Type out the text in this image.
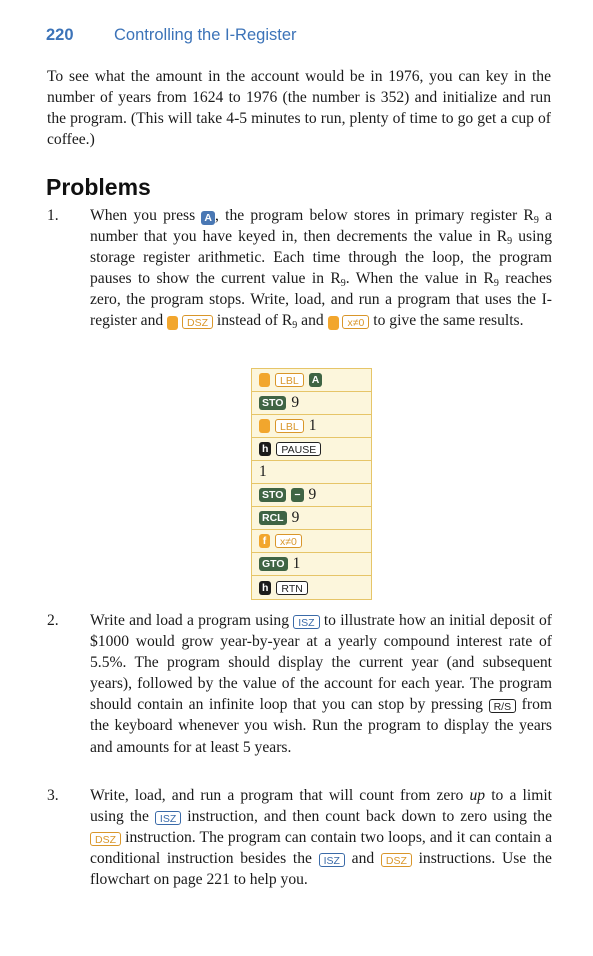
220 Controlling the I-Register
To see what the amount in the account would be in 1976, you can key in the number of years from 1624 to 1976 (the number is 352) and initialize and run the program. (This will take 4-5 minutes to run, plenty of time to go get a cup of coffee.)
Problems
1.	When you press A , the program below stores in primary register $R_9$ a number that you have keyed in, then decrements the value in $R_9$ using storage register arithmetic. Each time through the loop, the program pauses to show the current value in $R_9$. When the value in $R_9$ reaches zero, the program stops. Write, load, and run a program that uses the I-register and f DSZ instead of $R_9$ and f x≠0 to give the same results.
f	LBL	A
STO 9
f	LBL 1
h	PAUSE
1
STO − 9
RCL 9
f	x≠0
GTO 1
h	RTN
2.	Write and load a program using ISZ to illustrate how an initial deposit of $1000 would grow year-by-year at a yearly compound interest rate of 5.5%. The program should display the current year (and subsequent years), followed by the value of the account for each year. The program should contain an infinite loop that you can stop by pressing R/S from the keyboard whenever you wish. Run the program to display the years and amounts for at least 5 years.
3.	Write, load, and run a program that will count from zero up to a limit using the ISZ instruction, and then count back down to zero using the DSZ instruction. The program can contain two loops, and it can contain a conditional instruction besides the ISZ and DSZ instructions. Use the flowchart on page 221 to help you.
